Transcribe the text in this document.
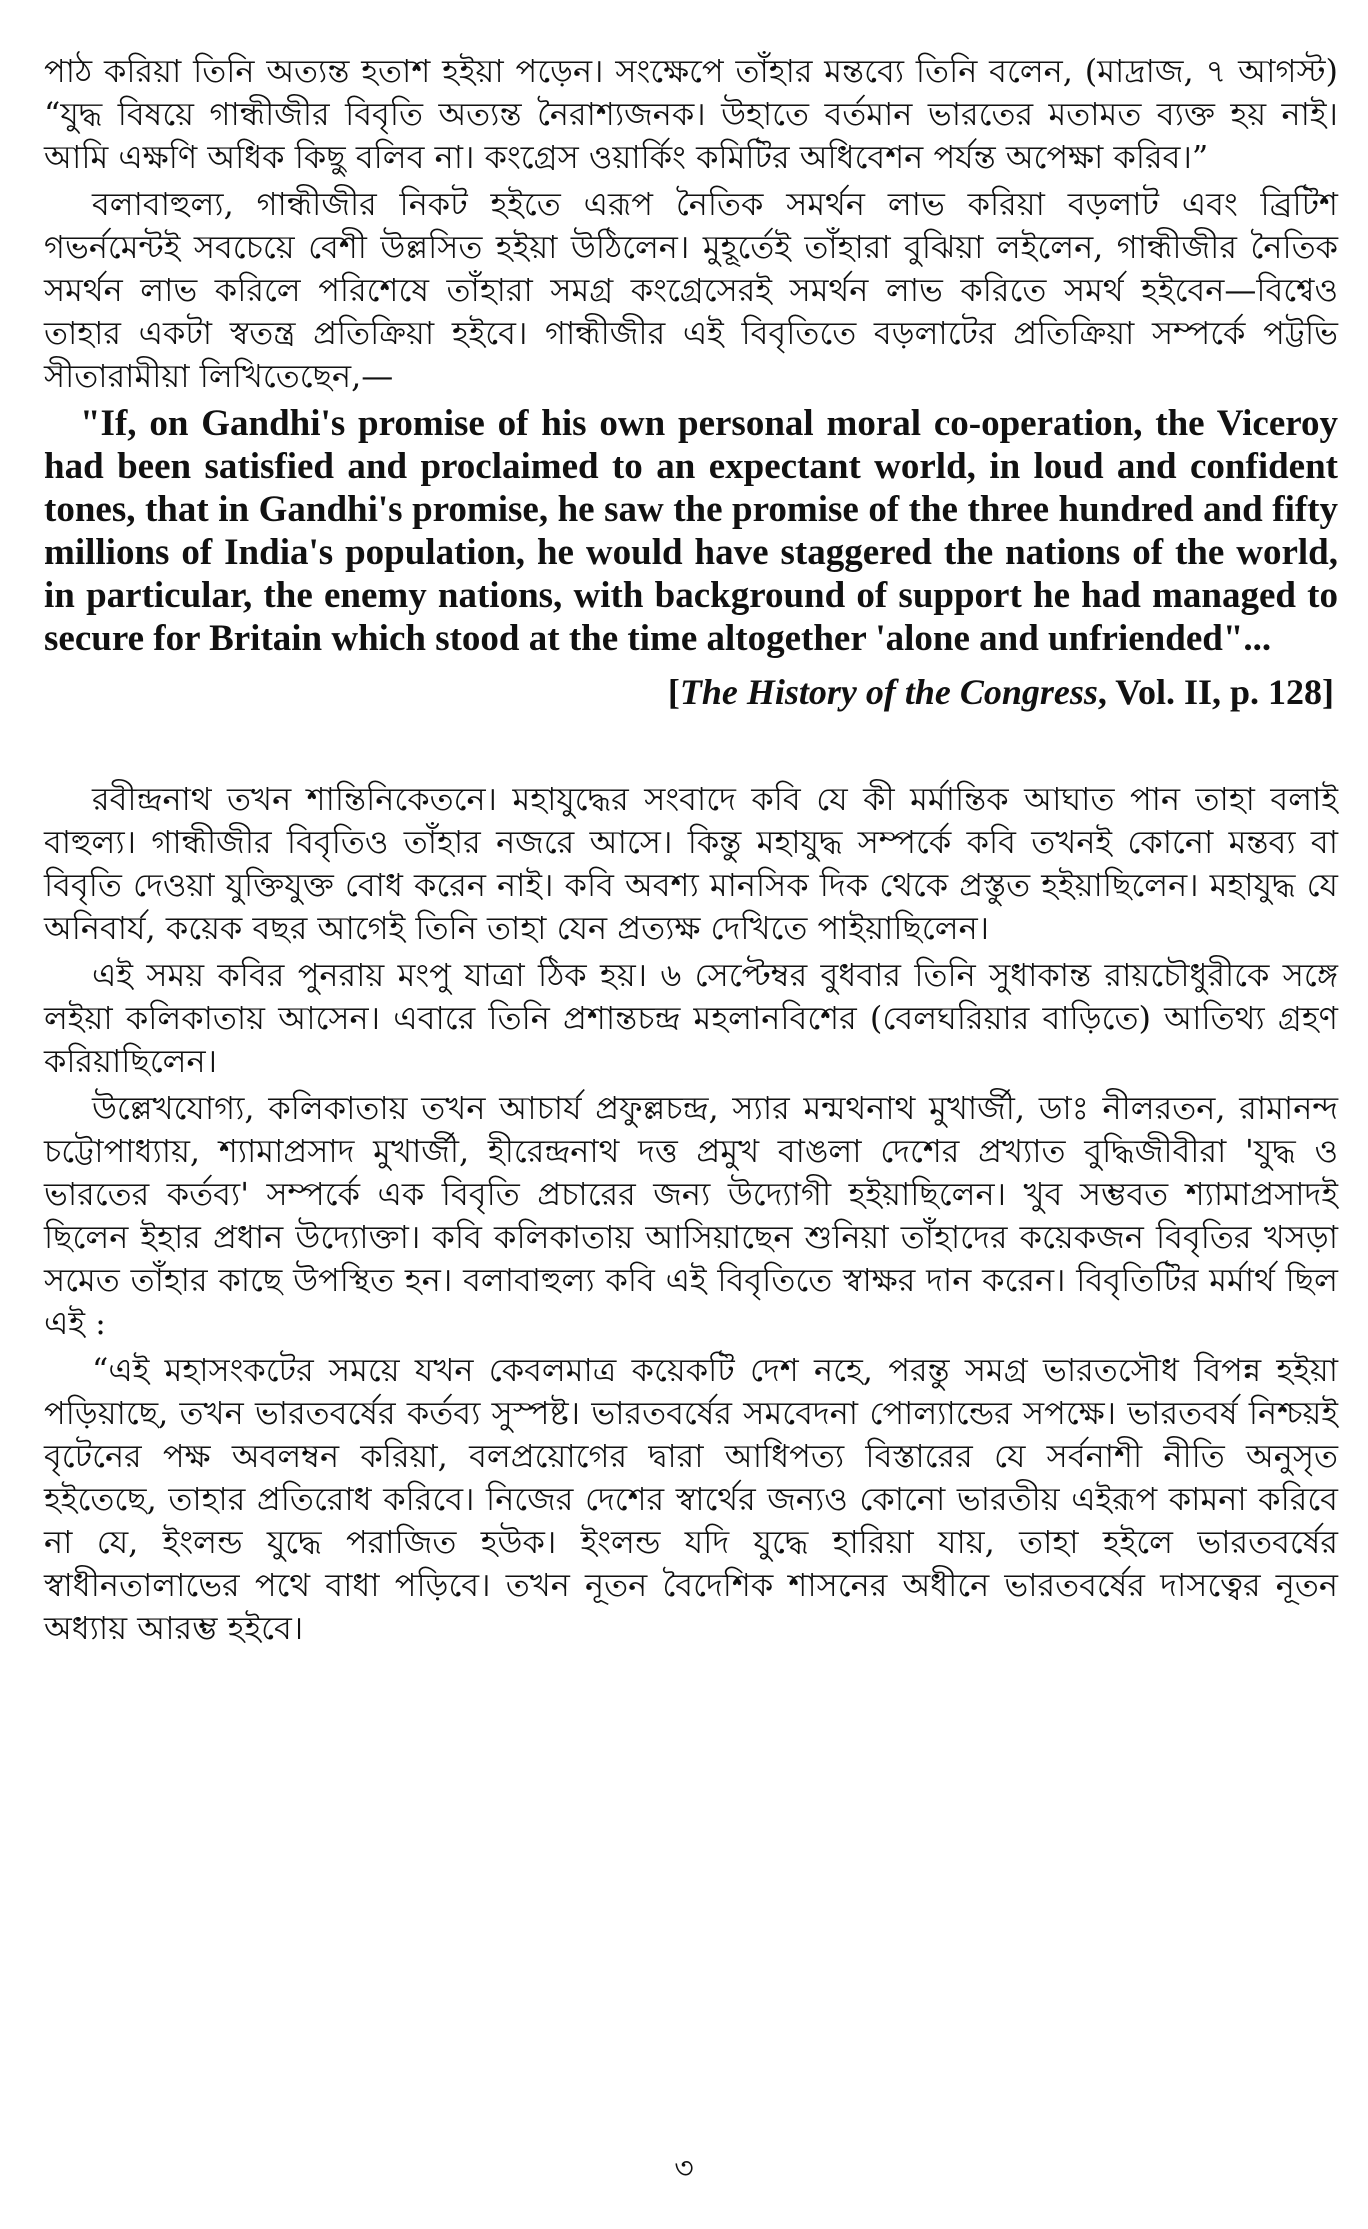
পাঠ করিয়া তিনি অত্যন্ত হতাশ হইয়া পড়েন। সংক্ষেপে তাঁহার মন্তব্যে তিনি বলেন, (মাদ্রাজ, ৭ আগস্ট) “যুদ্ধ বিষয়ে গান্ধীজীর বিবৃতি অত্যন্ত নৈরাশ্যজনক। উহাতে বর্তমান ভারতের মতামত ব্যক্ত হয় নাই। আমি এক্ষণি অধিক কিছু বলিব না। কংগ্রেস ওয়ার্কিং কমিটির অধিবেশন পর্যন্ত অপেক্ষা করিব।”

বলাবাহুল্য, গান্ধীজীর নিকট হইতে এরূপ নৈতিক সমর্থন লাভ করিয়া বড়লাট এবং ব্রিটিশ গভর্নমেন্টই সবচেয়ে বেশী উল্লসিত হইয়া উঠিলেন। মুহূর্তেই তাঁহারা বুঝিয়া লইলেন, গান্ধীজীর নৈতিক সমর্থন লাভ করিলে পরিশেষে তাঁহারা সমগ্র কংগ্রেসেরই সমর্থন লাভ করিতে সমর্থ হইবেন—বিশ্বেও তাহার একটা স্বতন্ত্র প্রতিক্রিয়া হইবে। গান্ধীজীর এই বিবৃতিতে বড়লাটের প্রতিক্রিয়া সম্পর্কে পট্টভি সীতারামীয়া লিখিতেছেন,—

"If, on Gandhi's promise of his own personal moral co-operation, the Viceroy had been satisfied and proclaimed to an expectant world, in loud and confident tones, that in Gandhi's promise, he saw the promise of the three hundred and fifty millions of India's population, he would have staggered the nations of the world, in particular, the enemy nations, with background of support he had managed to secure for Britain which stood at the time altogether 'alone and unfriended"...

[The History of the Congress, Vol. II, p. 128]

রবীন্দ্রনাথ তখন শান্তিনিকেতনে। মহাযুদ্ধের সংবাদে কবি যে কী মর্মান্তিক আঘাত পান তাহা বলাই বাহুল্য। গান্ধীজীর বিবৃতিও তাঁহার নজরে আসে। কিন্তু মহাযুদ্ধ সম্পর্কে কবি তখনই কোনো মন্তব্য বা বিবৃতি দেওয়া যুক্তিযুক্ত বোধ করেন নাই। কবি অবশ্য মানসিক দিক থেকে প্রস্তুত হইয়াছিলেন। মহাযুদ্ধ যে অনিবার্য, কয়েক বছর আগেই তিনি তাহা যেন প্রত্যক্ষ দেখিতে পাইয়াছিলেন।

এই সময় কবির পুনরায় মংপু যাত্রা ঠিক হয়। ৬ সেপ্টেম্বর বুধবার তিনি সুধাকান্ত রায়চৌধুরীকে সঙ্গে লইয়া কলিকাতায় আসেন। এবারে তিনি প্রশান্তচন্দ্র মহলানবিশের (বেলঘরিয়ার বাড়িতে) আতিথ্য গ্রহণ করিয়াছিলেন।

উল্লেখযোগ্য, কলিকাতায় তখন আচার্য প্রফুল্লচন্দ্র, স্যার মন্মথনাথ মুখার্জী, ডাঃ নীলরতন, রামানন্দ চট্টোপাধ্যায়, শ্যামাপ্রসাদ মুখার্জী, হীরেন্দ্রনাথ দত্ত প্রমুখ বাঙলা দেশের প্রখ্যাত বুদ্ধিজীবীরা 'যুদ্ধ ও ভারতের কর্তব্য' সম্পর্কে এক বিবৃতি প্রচারের জন্য উদ্যোগী হইয়াছিলেন। খুব সম্ভবত শ্যামাপ্রসাদই ছিলেন ইহার প্রধান উদ্যোক্তা। কবি কলিকাতায় আসিয়াছেন শুনিয়া তাঁহাদের কয়েকজন বিবৃতির খসড়া সমেত তাঁহার কাছে উপস্থিত হন। বলাবাহুল্য কবি এই বিবৃতিতে স্বাক্ষর দান করেন। বিবৃতিটির মর্মার্থ ছিল এই :

“এই মহাসংকটের সময়ে যখন কেবলমাত্র কয়েকটি দেশ নহে, পরন্তু সমগ্র ভারতসৌধ বিপন্ন হইয়া পড়িয়াছে, তখন ভারতবর্ষের কর্তব্য সুস্পষ্ট। ভারতবর্ষের সমবেদনা পোল্যান্ডের সপক্ষে। ভারতবর্ষ নিশ্চয়ই বৃটেনের পক্ষ অবলম্বন করিয়া, বলপ্রয়োগের দ্বারা আধিপত্য বিস্তারের যে সর্বনাশী নীতি অনুসৃত হইতেছে, তাহার প্রতিরোধ করিবে। নিজের দেশের স্বার্থের জন্যও কোনো ভারতীয় এইরূপ কামনা করিবে না যে, ইংলন্ড যুদ্ধে পরাজিত হউক। ইংলন্ড যদি যুদ্ধে হারিয়া যায়, তাহা হইলে ভারতবর্ষের স্বাধীনতালাভের পথে বাধা পড়িবে। তখন নূতন বৈদেশিক শাসনের অধীনে ভারতবর্ষের দাসত্বের নূতন অধ্যায় আরম্ভ হইবে।

৩
